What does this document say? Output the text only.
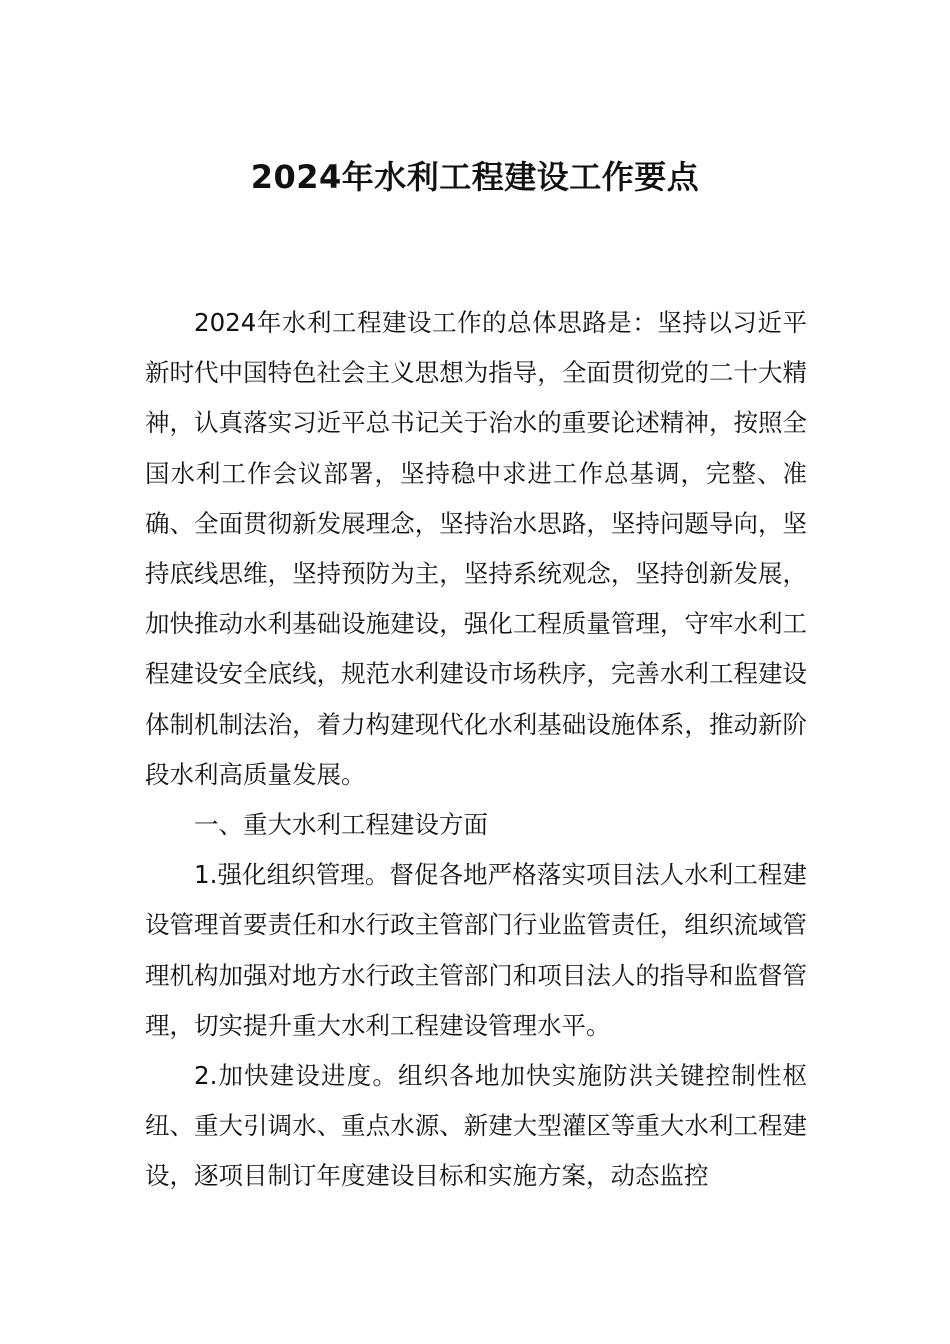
2024年水利工程建设工作要点

2024年水利工程建设工作的总体思路是：坚持以习近平新时代中国特色社会主义思想为指导，全面贯彻党的二十大精神，认真落实习近平总书记关于治水的重要论述精神，按照全国水利工作会议部署，坚持稳中求进工作总基调，完整、准确、全面贯彻新发展理念，坚持治水思路，坚持问题导向，坚持底线思维，坚持预防为主，坚持系统观念，坚持创新发展，加快推动水利基础设施建设，强化工程质量管理，守牢水利工程建设安全底线，规范水利建设市场秩序，完善水利工程建设体制机制法治，着力构建现代化水利基础设施体系，推动新阶段水利高质量发展。

一、重大水利工程建设方面

1.强化组织管理。督促各地严格落实项目法人水利工程建设管理首要责任和水行政主管部门行业监管责任，组织流域管理机构加强对地方水行政主管部门和项目法人的指导和监督管理，切实提升重大水利工程建设管理水平。

2.加快建设进度。组织各地加快实施防洪关键控制性枢纽、重大引调水、重点水源、新建大型灌区等重大水利工程建设，逐项目制订年度建设目标和实施方案，动态监控
